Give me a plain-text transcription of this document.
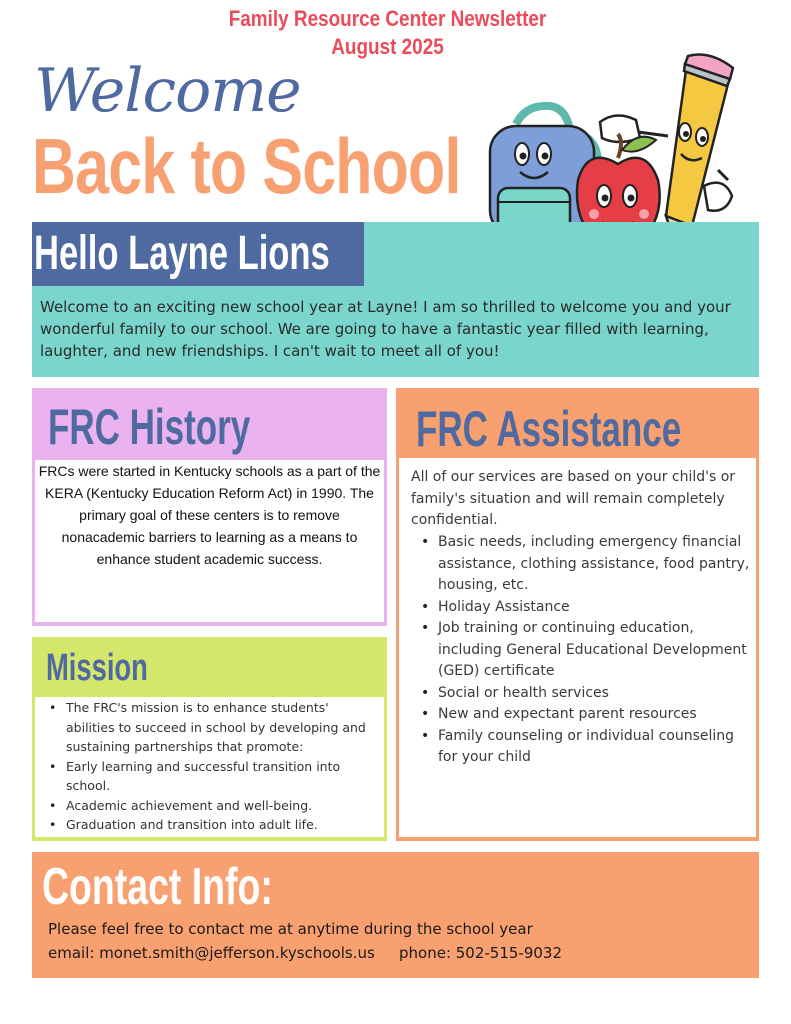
Family Resource Center Newsletter
August 2025
Welcome
Back to School
Hello Layne Lions
Welcome to an exciting new school year at Layne! I am so thrilled to welcome you and your wonderful family to our school. We are going to have a fantastic year filled with learning, laughter, and new friendships. I can't wait to meet all of you!
FRC History
FRCs were started in Kentucky schools as a part of the KERA (Kentucky Education Reform Act) in 1990. The primary goal of these centers is to remove nonacademic barriers to learning as a means to enhance student academic success.
Mission
• The FRC's mission is to enhance students' abilities to succeed in school by developing and sustaining partnerships that promote:
• Early learning and successful transition into school.
• Academic achievement and well-being.
• Graduation and transition into adult life.
FRC Assistance
All of our services are based on your child's or family's situation and will remain completely confidential.
• Basic needs, including emergency financial assistance, clothing assistance, food pantry, housing, etc.
• Holiday Assistance
• Job training or continuing education, including General Educational Development (GED) certificate
• Social or health services
• New and expectant parent resources
• Family counseling or individual counseling for your child
Contact Info:
Please feel free to contact me at anytime during the school year
email: monet.smith@jefferson.kyschools.us phone: 502-515-9032
